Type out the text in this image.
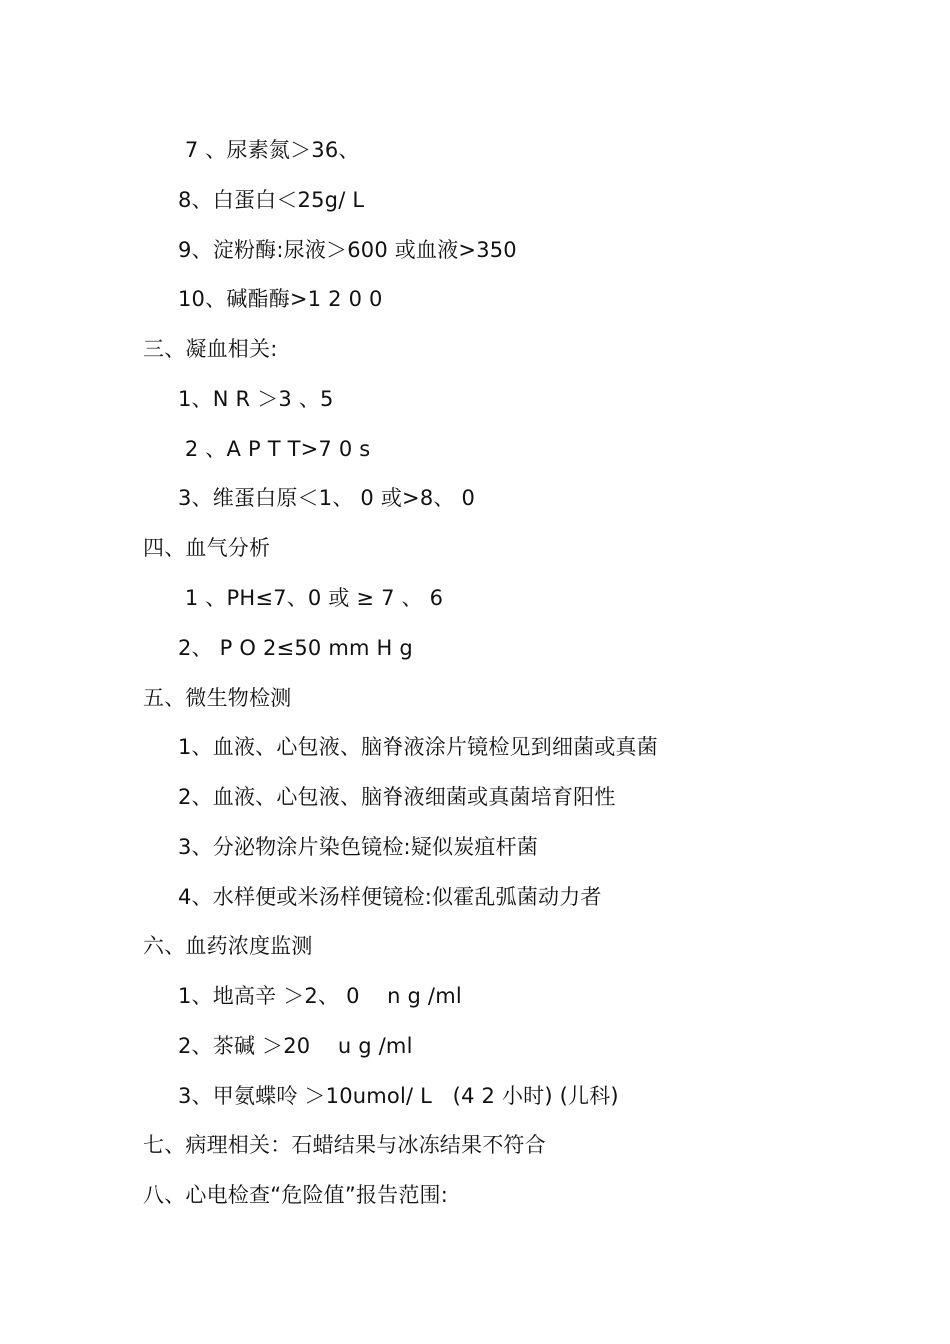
7 、尿素氮＞36、
8、白蛋白＜25g/ L
9、淀粉酶:尿液＞600 或血液>350
10、碱酯酶>1 2 0 0
三、凝血相关:
1、N R ＞3 、5
2 、A P T T>7 0 s
3、维蛋白原＜1、 0 或>8、 0
四、血气分析
1 、PH≤7、0 或 ≥ 7 、 6
2、 P O 2≤50 mm H g
五、微生物检测
1、血液、心包液、脑脊液涂片镜检见到细菌或真菌
2、血液、心包液、脑脊液细菌或真菌培育阳性
3、分泌物涂片染色镜检:疑似炭疽杆菌
4、水样便或米汤样便镜检:似霍乱弧菌动力者
六、血药浓度监测
1、地高辛 ＞2、 0    n g /ml
2、茶碱 ＞20    u g /ml
3、甲氨蝶呤 ＞10umol/ L   (4 2 小时) (儿科)
七、病理相关：石蜡结果与冰冻结果不符合
八、心电检查“危险值”报告范围:
